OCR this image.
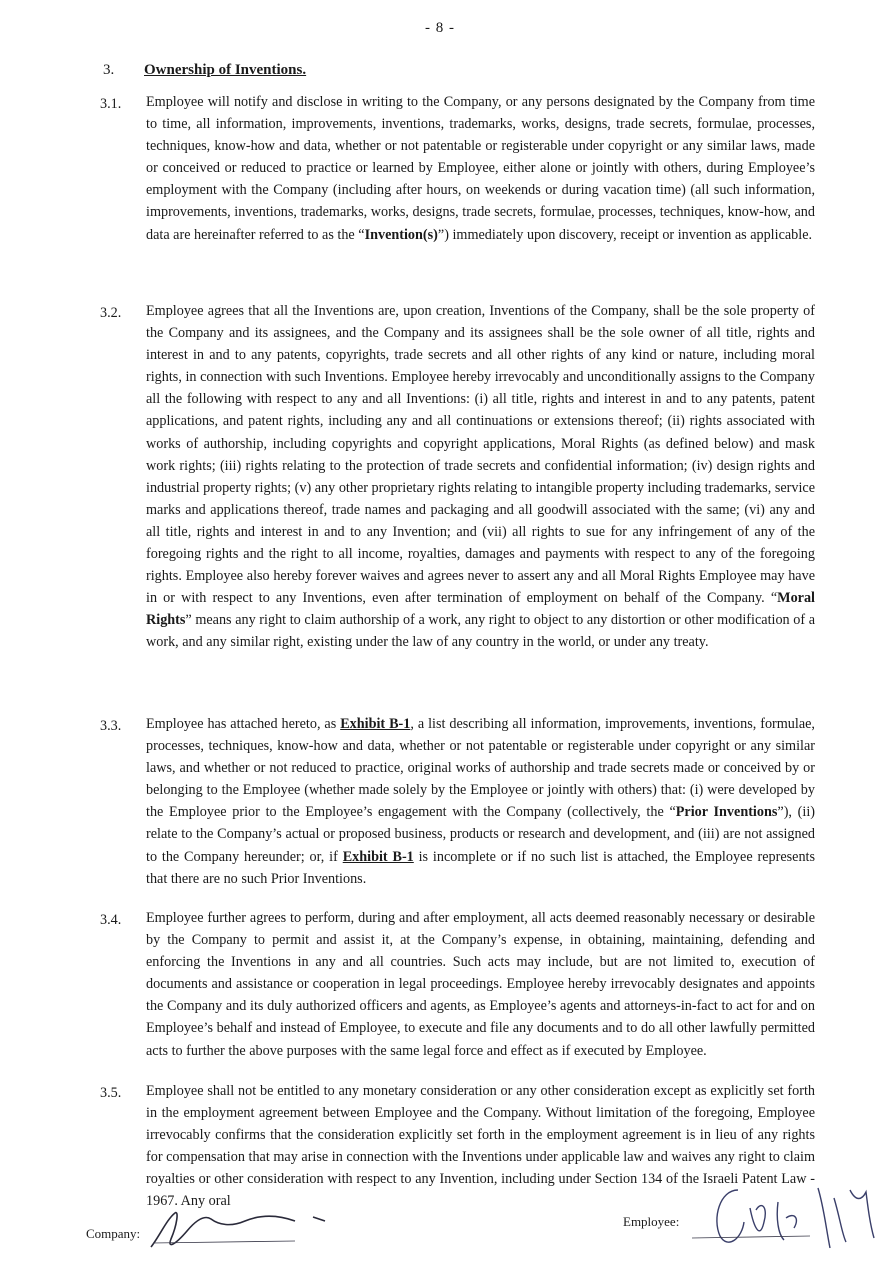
- 8 -
3.	Ownership of Inventions.
3.1.	Employee will notify and disclose in writing to the Company, or any persons designated by the Company from time to time, all information, improvements, inventions, trademarks, works, designs, trade secrets, formulae, processes, techniques, know-how and data, whether or not patentable or registerable under copyright or any similar laws, made or conceived or reduced to practice or learned by Employee, either alone or jointly with others, during Employee’s employment with the Company (including after hours, on weekends or during vacation time) (all such information, improvements, inventions, trademarks, works, designs, trade secrets, formulae, processes, techniques, know-how, and data are hereinafter referred to as the “Invention(s)”) immediately upon discovery, receipt or invention as applicable.
3.2.	Employee agrees that all the Inventions are, upon creation, Inventions of the Company, shall be the sole property of the Company and its assignees, and the Company and its assignees shall be the sole owner of all title, rights and interest in and to any patents, copyrights, trade secrets and all other rights of any kind or nature, including moral rights, in connection with such Inventions. Employee hereby irrevocably and unconditionally assigns to the Company all the following with respect to any and all Inventions: (i) all title, rights and interest in and to any patents, patent applications, and patent rights, including any and all continuations or extensions thereof; (ii) rights associated with works of authorship, including copyrights and copyright applications, Moral Rights (as defined below) and mask work rights; (iii) rights relating to the protection of trade secrets and confidential information; (iv) design rights and industrial property rights; (v) any other proprietary rights relating to intangible property including trademarks, service marks and applications thereof, trade names and packaging and all goodwill associated with the same; (vi) any and all title, rights and interest in and to any Invention; and (vii) all rights to sue for any infringement of any of the foregoing rights and the right to all income, royalties, damages and payments with respect to any of the foregoing rights. Employee also hereby forever waives and agrees never to assert any and all Moral Rights Employee may have in or with respect to any Inventions, even after termination of employment on behalf of the Company. “Moral Rights” means any right to claim authorship of a work, any right to object to any distortion or other modification of a work, and any similar right, existing under the law of any country in the world, or under any treaty.
3.3.	Employee has attached hereto, as Exhibit B-1, a list describing all information, improvements, inventions, formulae, processes, techniques, know-how and data, whether or not patentable or registerable under copyright or any similar laws, and whether or not reduced to practice, original works of authorship and trade secrets made or conceived by or belonging to the Employee (whether made solely by the Employee or jointly with others) that: (i) were developed by the Employee prior to the Employee’s engagement with the Company (collectively, the “Prior Inventions”), (ii) relate to the Company’s actual or proposed business, products or research and development, and (iii) are not assigned to the Company hereunder; or, if Exhibit B-1 is incomplete or if no such list is attached, the Employee represents that there are no such Prior Inventions.
3.4.	Employee further agrees to perform, during and after employment, all acts deemed reasonably necessary or desirable by the Company to permit and assist it, at the Company’s expense, in obtaining, maintaining, defending and enforcing the Inventions in any and all countries. Such acts may include, but are not limited to, execution of documents and assistance or cooperation in legal proceedings. Employee hereby irrevocably designates and appoints the Company and its duly authorized officers and agents, as Employee’s agents and attorneys-in-fact to act for and on Employee’s behalf and instead of Employee, to execute and file any documents and to do all other lawfully permitted acts to further the above purposes with the same legal force and effect as if executed by Employee.
3.5.	Employee shall not be entitled to any monetary consideration or any other consideration except as explicitly set forth in the employment agreement between Employee and the Company. Without limitation of the foregoing, Employee irrevocably confirms that the consideration explicitly set forth in the employment agreement is in lieu of any rights for compensation that may arise in connection with the Inventions under applicable law and waives any right to claim royalties or other consideration with respect to any Invention, including under Section 134 of the Israeli Patent Law - 1967. Any oral
Company:
Employee:
